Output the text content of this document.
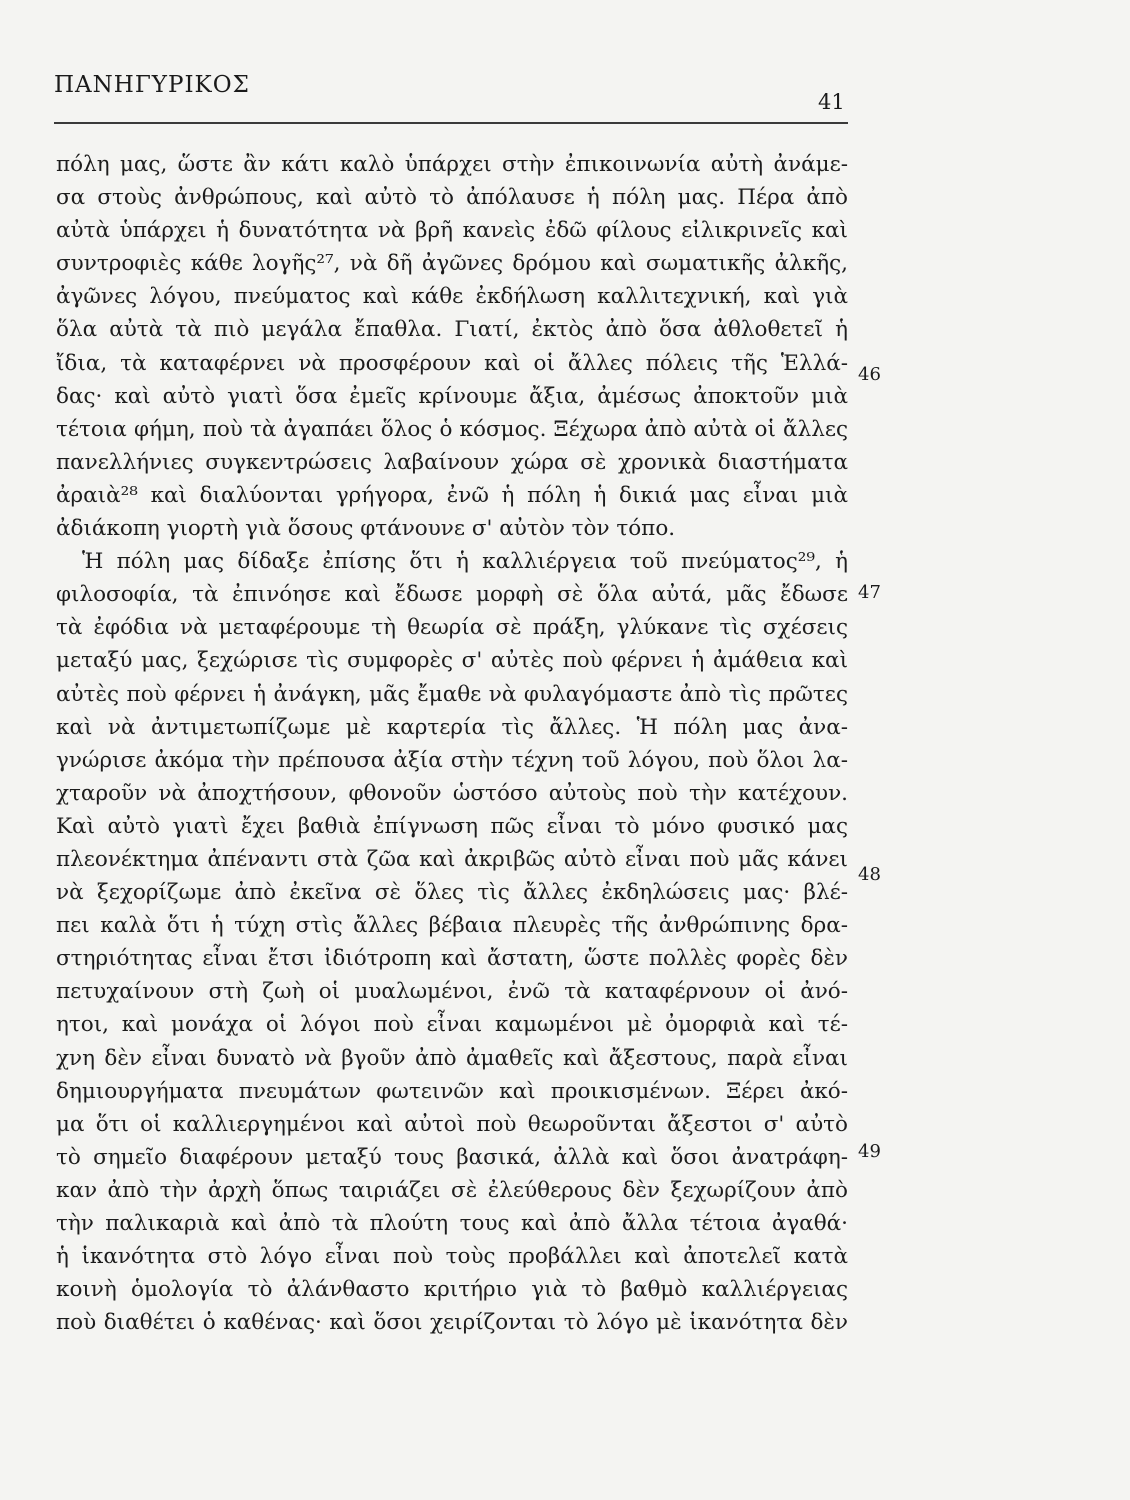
ΠΑΝΗΓΥΡΙΚΟΣ
41
πόλη μας, ὥστε ἂν κάτι καλὸ ὑπάρχει στὴν ἐπικοινωνία αὐτὴ ἀνάμε-
σα στοὺς ἀνθρώπους, καὶ αὐτὸ τὸ ἀπόλαυσε ἡ πόλη μας. Πέρα ἀπὸ
αὐτὰ ὑπάρχει ἡ δυνατότητα νὰ βρῆ κανεὶς ἐδῶ φίλους εἰλικρινεῖς καὶ
συντροφιὲς κάθε λογῆς²⁷, νὰ δῆ ἀγῶνες δρόμου καὶ σωματικῆς ἀλκῆς,
ἀγῶνες λόγου, πνεύματος καὶ κάθε ἐκδήλωση καλλιτεχνική, καὶ γιὰ
ὅλα αὐτὰ τὰ πιὸ μεγάλα ἔπαθλα. Γιατί, ἐκτὸς ἀπὸ ὅσα ἀθλοθετεῖ ἡ
ἴδια, τὰ καταφέρνει νὰ προσφέρουν καὶ οἱ ἄλλες πόλεις τῆς Ἑλλά-
δας· καὶ αὐτὸ γιατὶ ὅσα ἐμεῖς κρίνουμε ἄξια, ἀμέσως ἀποκτοῦν μιὰ
τέτοια φήμη, ποὺ τὰ ἀγαπάει ὅλος ὁ κόσμος. Ξέχωρα ἀπὸ αὐτὰ οἱ ἄλλες
πανελλήνιες συγκεντρώσεις λαβαίνουν χώρα σὲ χρονικὰ διαστήματα
ἀραιὰ²⁸ καὶ διαλύονται γρήγορα, ἐνῶ ἡ πόλη ἡ δικιά μας εἶναι μιὰ
ἀδιάκοπη γιορτὴ γιὰ ὅσους φτάνουνε σ' αὐτὸν τὸν τόπο.
Ἡ πόλη μας δίδαξε ἐπίσης ὅτι ἡ καλλιέργεια τοῦ πνεύματος²⁹, ἡ
φιλοσοφία, τὰ ἐπινόησε καὶ ἔδωσε μορφὴ σὲ ὅλα αὐτά, μᾶς ἔδωσε
τὰ ἐφόδια νὰ μεταφέρουμε τὴ θεωρία σὲ πράξη, γλύκανε τὶς σχέσεις
μεταξύ μας, ξεχώρισε τὶς συμφορὲς σ' αὐτὲς ποὺ φέρνει ἡ ἀμάθεια καὶ
αὐτὲς ποὺ φέρνει ἡ ἀνάγκη, μᾶς ἔμαθε νὰ φυλαγόμαστε ἀπὸ τὶς πρῶτες
καὶ νὰ ἀντιμετωπίζωμε μὲ καρτερία τὶς ἄλλες. Ἡ πόλη μας ἀνα-
γνώρισε ἀκόμα τὴν πρέπουσα ἀξία στὴν τέχνη τοῦ λόγου, ποὺ ὅλοι λα-
χταροῦν νὰ ἀποχτήσουν, φθονοῦν ὡστόσο αὐτοὺς ποὺ τὴν κατέχουν.
Καὶ αὐτὸ γιατὶ ἔχει βαθιὰ ἐπίγνωση πῶς εἶναι τὸ μόνο φυσικό μας
πλεονέκτημα ἀπέναντι στὰ ζῶα καὶ ἀκριβῶς αὐτὸ εἶναι ποὺ μᾶς κάνει
νὰ ξεχορίζωμε ἀπὸ ἐκεῖνα σὲ ὅλες τὶς ἄλλες ἐκδηλώσεις μας· βλέ-
πει καλὰ ὅτι ἡ τύχη στὶς ἄλλες βέβαια πλευρὲς τῆς ἀνθρώπινης δρα-
στηριότητας εἶναι ἔτσι ἰδιότροπη καὶ ἄστατη, ὥστε πολλὲς φορὲς δὲν
πετυχαίνουν στὴ ζωὴ οἱ μυαλωμένοι, ἐνῶ τὰ καταφέρνουν οἱ ἀνό-
ητοι, καὶ μονάχα οἱ λόγοι ποὺ εἶναι καμωμένοι μὲ ὀμορφιὰ καὶ τέ-
χνη δὲν εἶναι δυνατὸ νὰ βγοῦν ἀπὸ ἀμαθεῖς καὶ ἄξεστους, παρὰ εἶναι
δημιουργήματα πνευμάτων φωτεινῶν καὶ προικισμένων. Ξέρει ἀκό-
μα ὅτι οἱ καλλιεργημένοι καὶ αὐτοὶ ποὺ θεωροῦνται ἄξεστοι σ' αὐτὸ
τὸ σημεῖο διαφέρουν μεταξύ τους βασικά, ἀλλὰ καὶ ὅσοι ἀνατράφη-
καν ἀπὸ τὴν ἀρχὴ ὅπως ταιριάζει σὲ ἐλεύθερους δὲν ξεχωρίζουν ἀπὸ
τὴν παλικαριὰ καὶ ἀπὸ τὰ πλούτη τους καὶ ἀπὸ ἄλλα τέτοια ἀγαθά·
ἡ ἱκανότητα στὸ λόγο εἶναι ποὺ τοὺς προβάλλει καὶ ἀποτελεῖ κατὰ
κοινὴ ὁμολογία τὸ ἀλάνθαστο κριτήριο γιὰ τὸ βαθμὸ καλλιέργειας
ποὺ διαθέτει ὁ καθένας· καὶ ὅσοι χειρίζονται τὸ λόγο μὲ ἱκανότητα δὲν
46
47
48
49
